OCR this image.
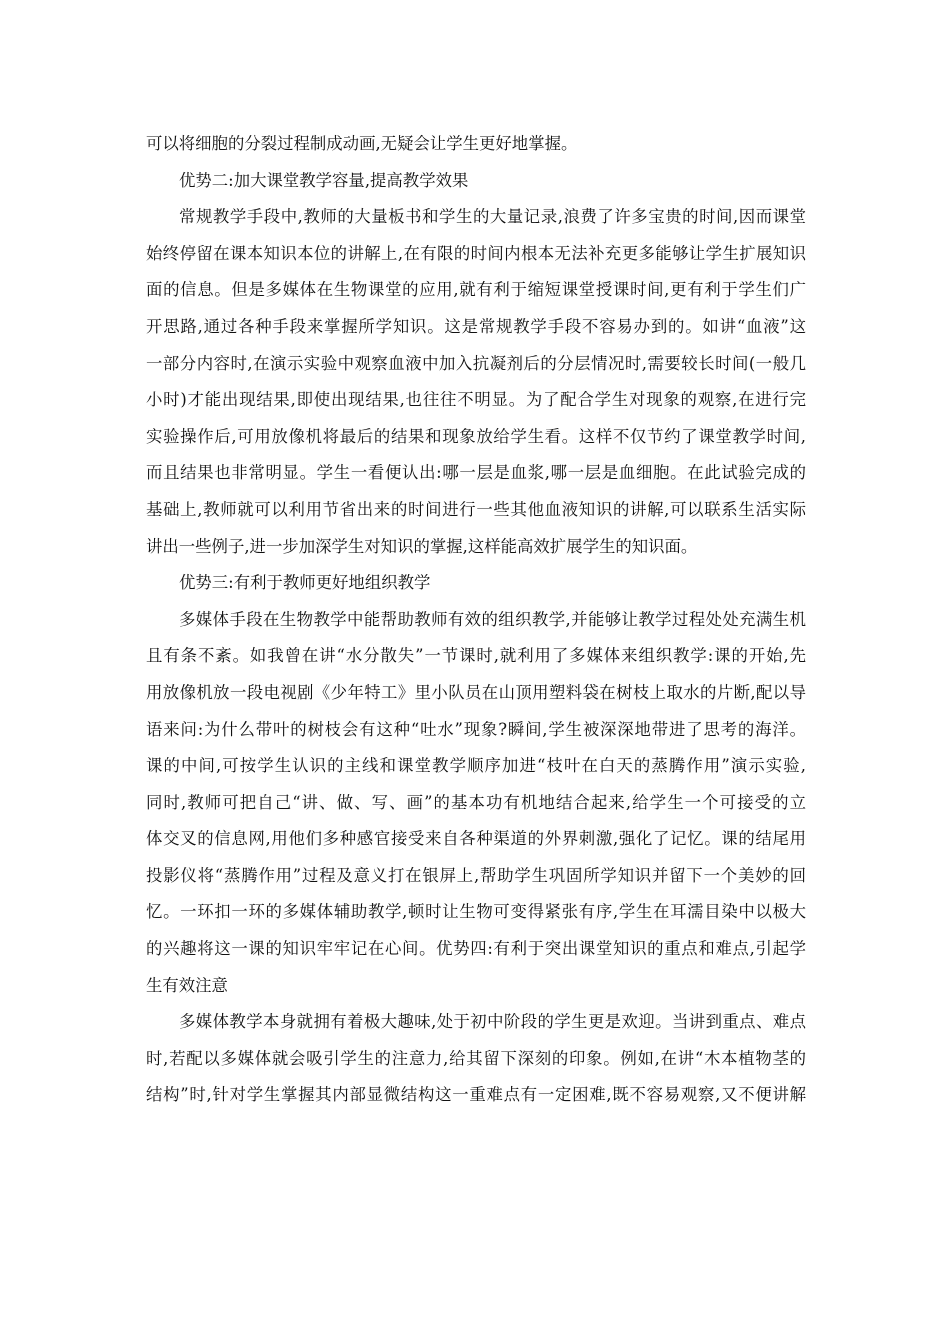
可以将细胞的分裂过程制成动画,无疑会让学生更好地掌握。
优势二:加大课堂教学容量,提高教学效果
常规教学手段中,教师的大量板书和学生的大量记录,浪费了许多宝贵的时间,因而课堂
始终停留在课本知识本位的讲解上,在有限的时间内根本无法补充更多能够让学生扩展知识
面的信息。但是多媒体在生物课堂的应用,就有利于缩短课堂授课时间,更有利于学生们广
开思路,通过各种手段来掌握所学知识。这是常规教学手段不容易办到的。如讲“血液”这
一部分内容时,在演示实验中观察血液中加入抗凝剂后的分层情况时,需要较长时间(一般几
小时)才能出现结果,即使出现结果,也往往不明显。为了配合学生对现象的观察,在进行完
实验操作后,可用放像机将最后的结果和现象放给学生看。这样不仅节约了课堂教学时间,
而且结果也非常明显。学生一看便认出:哪一层是血浆,哪一层是血细胞。在此试验完成的
基础上,教师就可以利用节省出来的时间进行一些其他血液知识的讲解,可以联系生活实际
讲出一些例子,进一步加深学生对知识的掌握,这样能高效扩展学生的知识面。
优势三:有利于教师更好地组织教学
多媒体手段在生物教学中能帮助教师有效的组织教学,并能够让教学过程处处充满生机
且有条不紊。如我曾在讲“水分散失”一节课时,就利用了多媒体来组织教学:课的开始,先
用放像机放一段电视剧《少年特工》里小队员在山顶用塑料袋在树枝上取水的片断,配以导
语来问:为什么带叶的树枝会有这种“吐水”现象?瞬间,学生被深深地带进了思考的海洋。
课的中间,可按学生认识的主线和课堂教学顺序加进“枝叶在白天的蒸腾作用”演示实验,
同时,教师可把自己“讲、做、写、画”的基本功有机地结合起来,给学生一个可接受的立
体交叉的信息网,用他们多种感官接受来自各种渠道的外界刺激,强化了记忆。课的结尾用
投影仪将“蒸腾作用”过程及意义打在银屏上,帮助学生巩固所学知识并留下一个美妙的回
忆。一环扣一环的多媒体辅助教学,顿时让生物可变得紧张有序,学生在耳濡目染中以极大
的兴趣将这一课的知识牢牢记在心间。优势四:有利于突出课堂知识的重点和难点,引起学
生有效注意
多媒体教学本身就拥有着极大趣味,处于初中阶段的学生更是欢迎。当讲到重点、难点
时,若配以多媒体就会吸引学生的注意力,给其留下深刻的印象。例如,在讲“木本植物茎的
结构”时,针对学生掌握其内部显微结构这一重难点有一定困难,既不容易观察,又不便讲解
